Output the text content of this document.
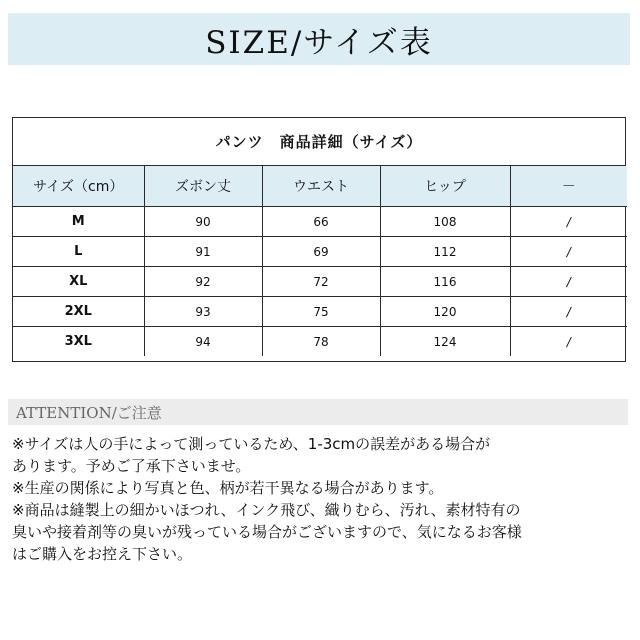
SIZE/サイズ表
パンツ　商品詳細（サイズ）
サイズ（cm）	ズボン丈	ウエスト	ヒップ	－
M	90	66	108	/
L	91	69	112	/
XL	92	72	116	/
2XL	93	75	120	/
3XL	94	78	124	/
ATTENTION/ご注意

※サイズは人の手によって測っているため、1-3cmの誤差がある場合が

あります。予めご了承下さいませ。

※生産の関係により写真と色、柄が若干異なる場合があります。

※商品は縫製上の細かいほつれ、インク飛び、織りむら、汚れ、素材特有の

臭いや接着剤等の臭いが残っている場合がございますので、気になるお客様

はご購入をお控え下さい。
